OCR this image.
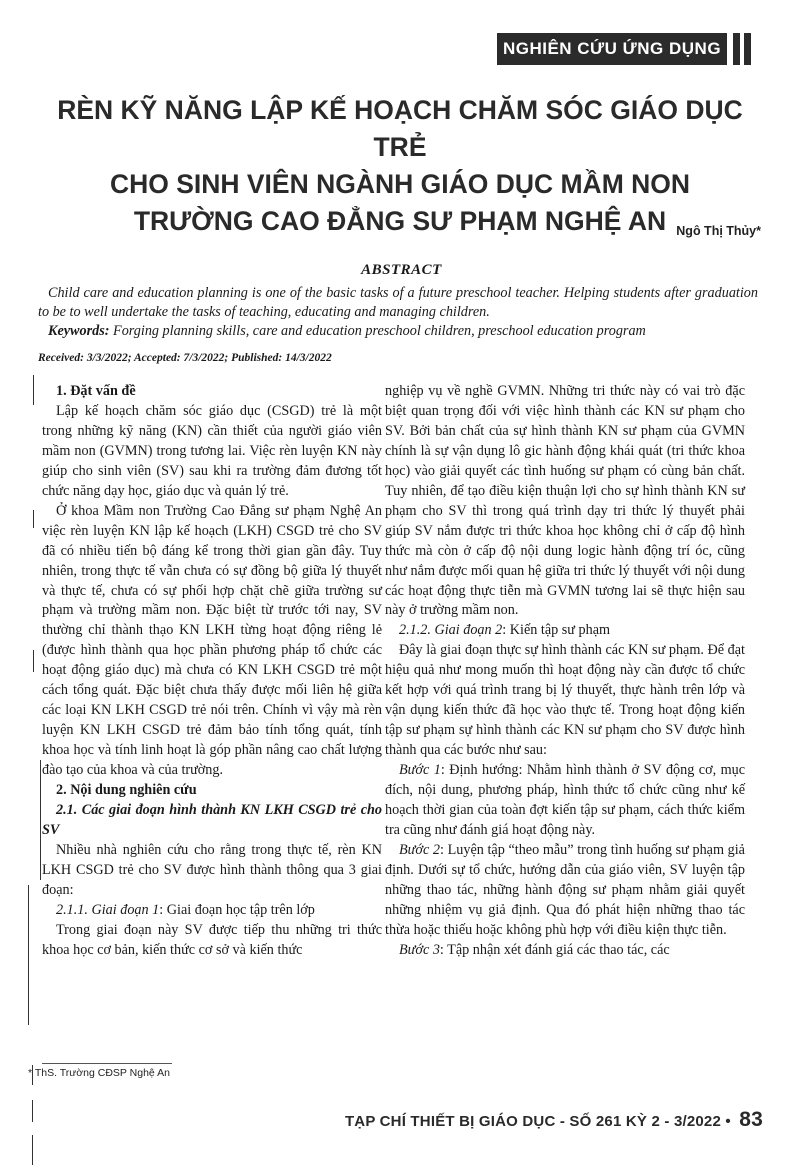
NGHIÊN CỨU ỨNG DỤNG
RÈN KỸ NĂNG LẬP KẾ HOẠCH CHĂM SÓC GIÁO DỤC TRẺ
CHO SINH VIÊN NGÀNH GIÁO DỤC MẦM NON
TRƯỜNG CAO ĐẲNG SƯ PHẠM NGHỆ AN Ngô Thị Thủy*
ABSTRACT

Child care and education planning is one of the basic tasks of a future preschool teacher. Helping students after graduation to be to well undertake the tasks of teaching, educating and managing children.

Keywords: Forging planning skills, care and education preschool children, preschool education program

Received: 3/3/2022; Accepted: 7/3/2022; Published: 14/3/2022

1. Đặt vấn đề

Lập kế hoạch chăm sóc giáo dục (CSGD) trẻ là một trong những kỹ năng (KN) cần thiết của người giáo viên mầm non (GVMN) trong tương lai. Việc rèn luyện KN này giúp cho sinh viên (SV) sau khi ra trường đảm đương tốt chức năng dạy học, giáo dục và quản lý trẻ.

Ở khoa Mầm non Trường Cao Đẳng sư phạm Nghệ An việc rèn luyện KN lập kế hoạch (LKH) CSGD trẻ cho SV đã có nhiều tiến bộ đáng kể trong thời gian gần đây. Tuy nhiên, trong thực tế vẫn chưa có sự đồng bộ giữa lý thuyết và thực tế, chưa có sự phối hợp chặt chẽ giữa trường sư phạm và trường mầm non. Đặc biệt từ trước tới nay, SV thường chỉ thành thạo KN LKH từng hoạt động riêng lẻ (được hình thành qua học phần phương pháp tổ chức các hoạt động giáo dục) mà chưa có KN LKH CSGD trẻ một cách tổng quát. Đặc biệt chưa thấy được mối liên hệ giữa các loại KN LKH CSGD trẻ nói trên. Chính vì vậy mà rèn luyện KN LKH CSGD trẻ đảm bảo tính tổng quát, tính khoa học và tính linh hoạt là góp phần nâng cao chất lượng đào tạo của khoa và của trường.

2. Nội dung nghiên cứu

2.1. Các giai đoạn hình thành KN LKH CSGD trẻ cho SV

Nhiều nhà nghiên cứu cho rằng trong thực tế, rèn KN LKH CSGD trẻ cho SV được hình thành thông qua 3 giai đoạn:

2.1.1. Giai đoạn 1: Giai đoạn học tập trên lớp

Trong giai đoạn này SV được tiếp thu những tri thức khoa học cơ bản, kiến thức cơ sở và kiến thức

nghiệp vụ về nghề GVMN. Những tri thức này có vai trò đặc biệt quan trọng đối với việc hình thành các KN sư phạm cho SV. Bởi bản chất của sự hình thành KN sư phạm của GVMN chính là sự vận dụng lô gic hành động khái quát (tri thức khoa học) vào giải quyết các tình huống sư phạm có cùng bản chất. Tuy nhiên, để tạo điều kiện thuận lợi cho sự hình thành KN sư phạm cho SV thì trong quá trình dạy tri thức lý thuyết phải giúp SV nắm được tri thức khoa học không chỉ ở cấp độ hình thức mà còn ở cấp độ nội dung logic hành động trí óc, cũng như nắm được mối quan hệ giữa tri thức lý thuyết với nội dung các hoạt động thực tiễn mà GVMN tương lai sẽ thực hiện sau này ở trường mầm non.

2.1.2. Giai đoạn 2: Kiến tập sư phạm

Đây là giai đoạn thực sự hình thành các KN sư phạm. Để đạt hiệu quả như mong muốn thì hoạt động này cần được tổ chức kết hợp với quá trình trang bị lý thuyết, thực hành trên lớp và vận dụng kiến thức đã học vào thực tế. Trong hoạt động kiến tập sư phạm sự hình thành các KN sư phạm cho SV được hình thành qua các bước như sau:

Bước 1: Định hướng: Nhằm hình thành ở SV động cơ, mục đích, nội dung, phương pháp, hình thức tổ chức cũng như kế hoạch thời gian của toàn đợt kiến tập sư phạm, cách thức kiểm tra cũng như đánh giá hoạt động này.

Bước 2: Luyện tập “theo mẫu” trong tình huống sư phạm giả định. Dưới sự tổ chức, hướng dẫn của giáo viên, SV luyện tập những thao tác, những hành động sư phạm nhằm giải quyết những nhiệm vụ giả định. Qua đó phát hiện những thao tác thừa hoặc thiếu hoặc không phù hợp với điều kiện thực tiễn.

Bước 3: Tập nhận xét đánh giá các thao tác, các

* ThS. Trường CĐSP Nghệ An
TẠP CHÍ THIẾT BỊ GIÁO DỤC - SỐ 261 KỲ 2 - 3/2022 • 83
